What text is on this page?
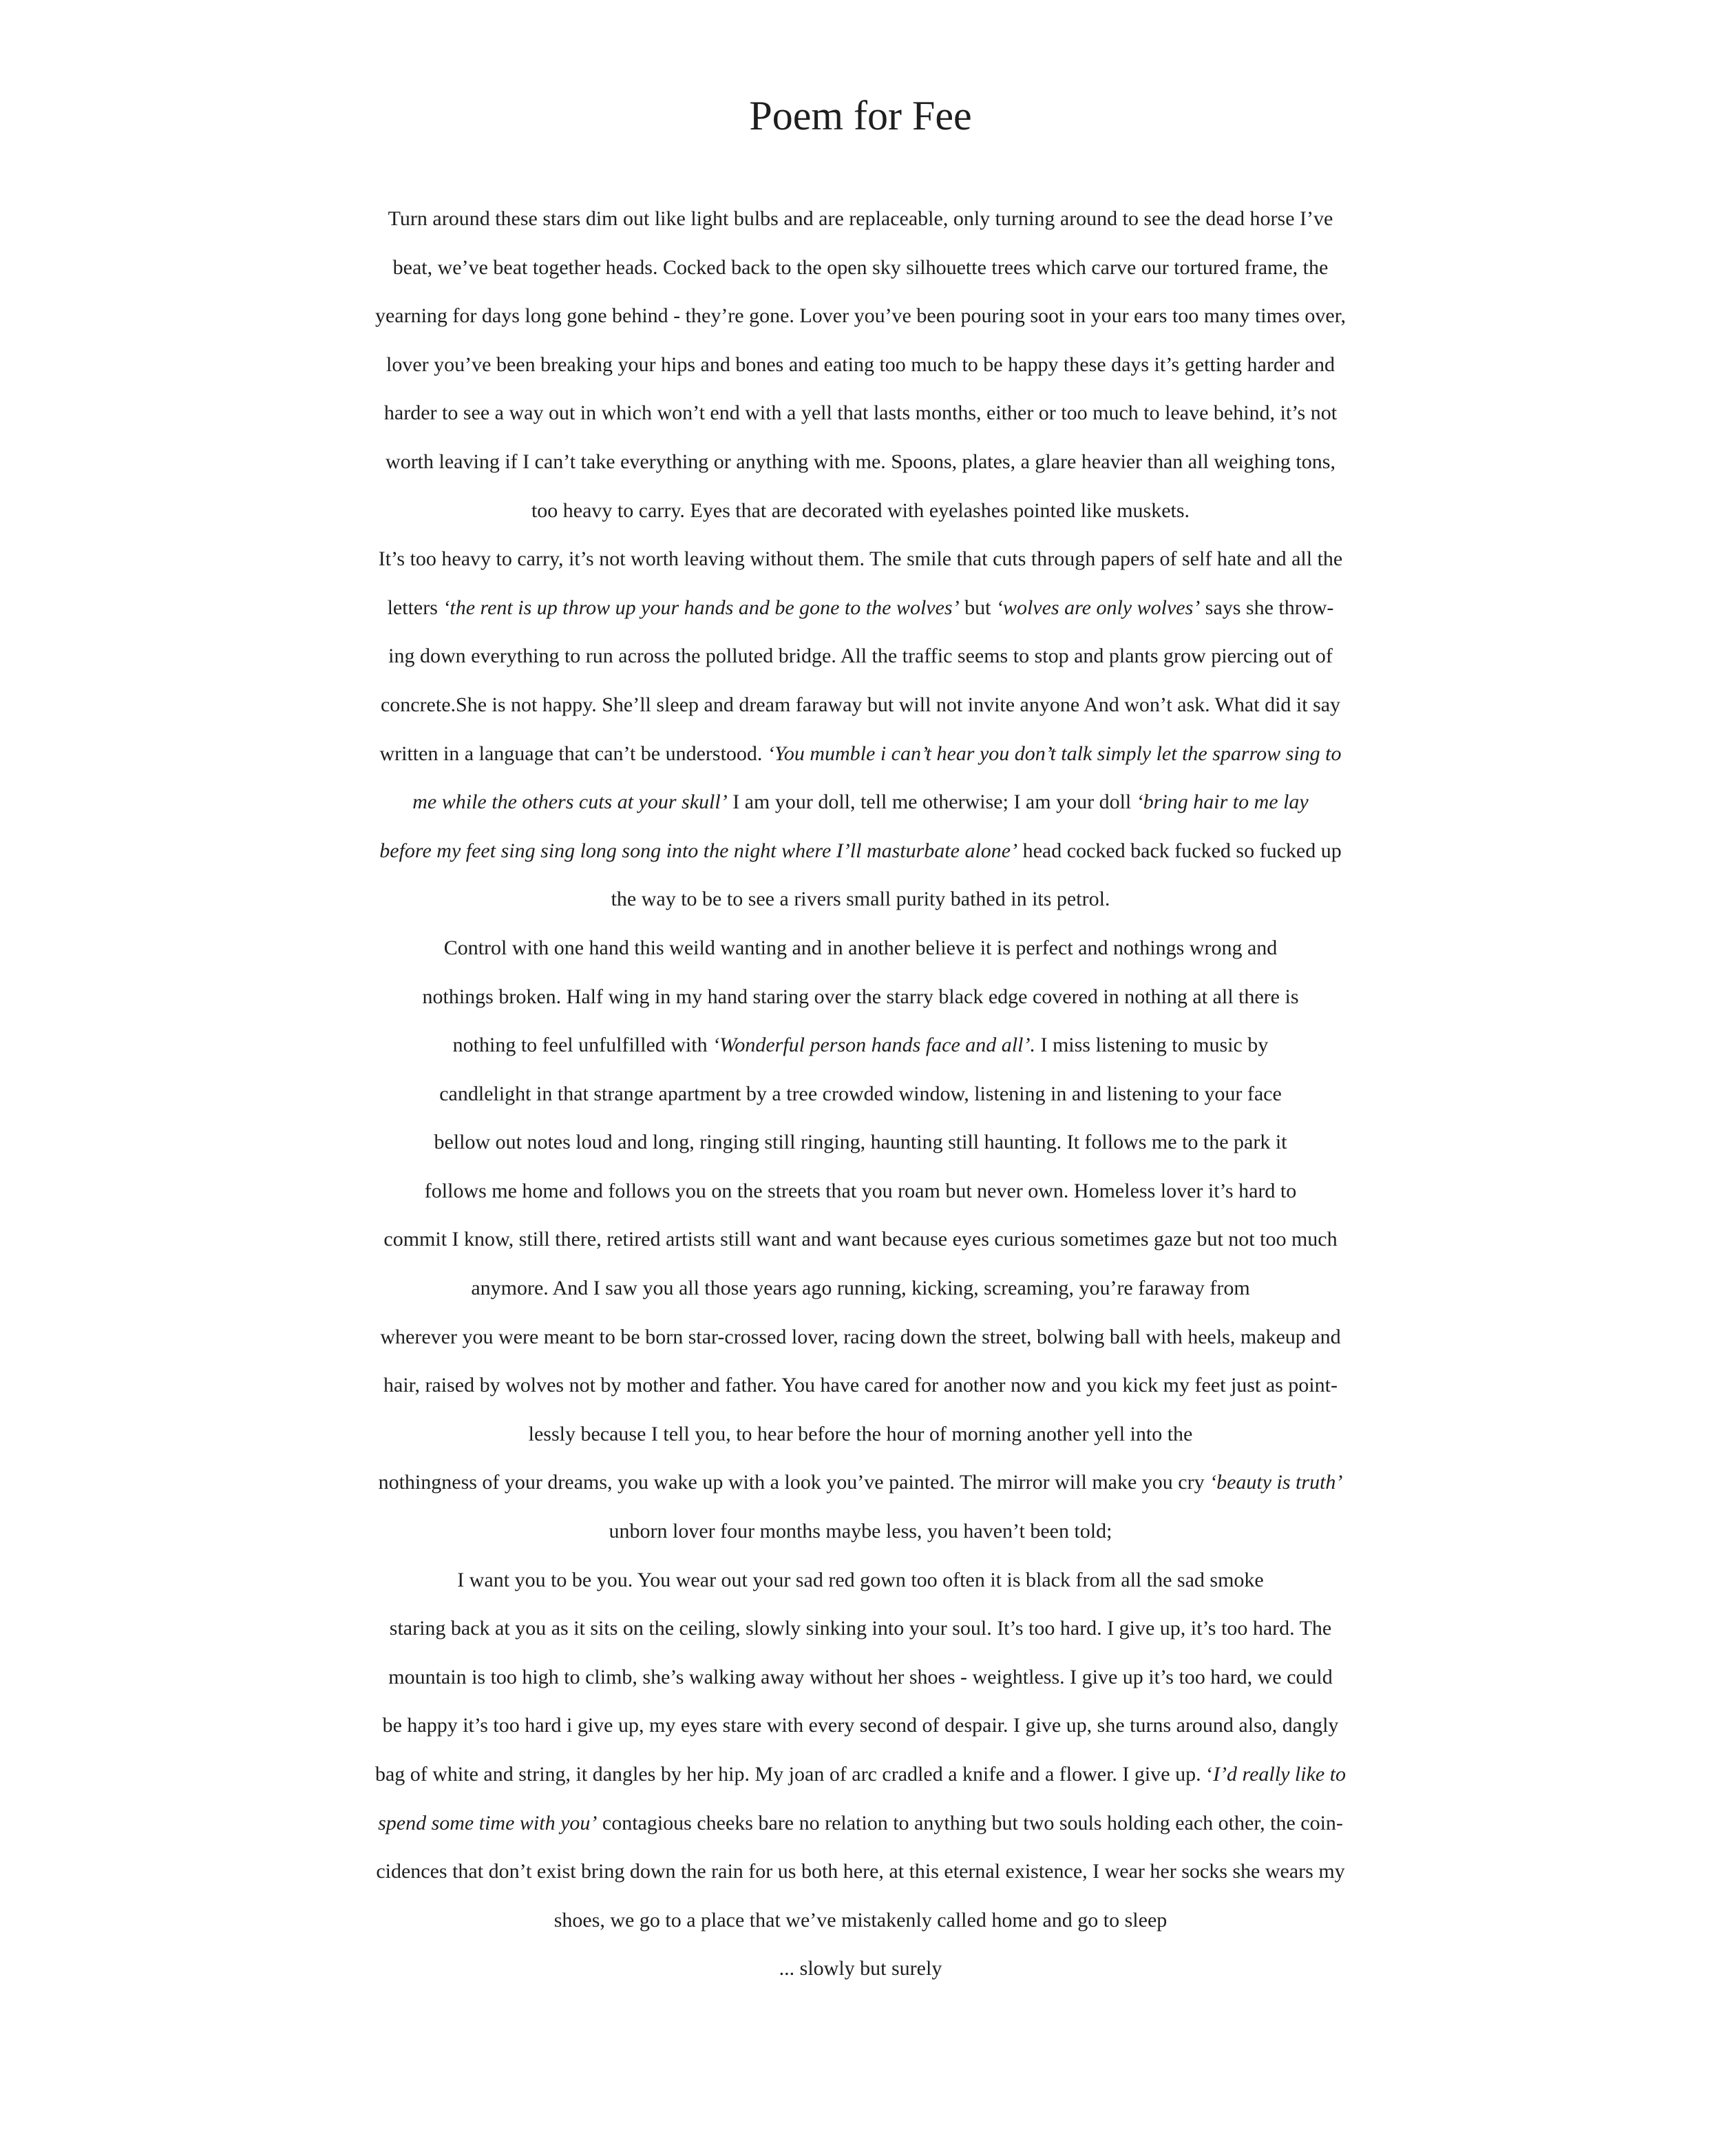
Poem for Fee
Turn around these stars dim out like light bulbs and are replaceable, only turning around to see the dead horse I’ve
beat, we’ve beat together heads. Cocked back to the open sky silhouette trees which carve our tortured frame, the
yearning for days long gone behind - they’re gone. Lover you’ve been pouring soot in your ears too many times over,
lover you’ve been breaking your hips and bones and eating too much to be happy these days it’s getting harder and
harder to see a way out in which won’t end with a yell that lasts months, either or too much to leave behind, it’s not
worth leaving if I can’t take everything or anything with me. Spoons, plates, a glare heavier than all weighing tons,
too heavy to carry. Eyes that are decorated with eyelashes pointed like muskets.
It’s too heavy to carry, it’s not worth leaving without them. The smile that cuts through papers of self hate and all the
letters ‘the rent is up throw up your hands and be gone to the wolves’ but ‘wolves are only wolves’ says she throw-
ing down everything to run across the polluted bridge. All the traffic seems to stop and plants grow piercing out of
concrete.She is not happy. She’ll sleep and dream faraway but will not invite anyone And won’t ask. What did it say
written in a language that can’t be understood. ‘You mumble i can’t hear you don’t talk simply let the sparrow sing to
me while the others cuts at your skull’ I am your doll, tell me otherwise; I am your doll ‘bring hair to me lay
before my feet sing sing long song into the night where I’ll masturbate alone’ head cocked back fucked so fucked up
the way to be to see a rivers small purity bathed in its petrol.
Control with one hand this weild wanting and in another believe it is perfect and nothings wrong and
nothings broken. Half wing in my hand staring over the starry black edge covered in nothing at all there is
nothing to feel unfulfilled with ‘Wonderful person hands face and all’. I miss listening to music by
candlelight in that strange apartment by a tree crowded window, listening in and listening to your face
bellow out notes loud and long, ringing still ringing, haunting still haunting. It follows me to the park it
follows me home and follows you on the streets that you roam but never own. Homeless lover it’s hard to
commit I know, still there, retired artists still want and want because eyes curious sometimes gaze but not too much
anymore. And I saw you all those years ago running, kicking, screaming, you’re faraway from
wherever you were meant to be born star-crossed lover, racing down the street, bolwing ball with heels, makeup and
hair, raised by wolves not by mother and father. You have cared for another now and you kick my feet just as point-
lessly because I tell you, to hear before the hour of morning another yell into the
nothingness of your dreams, you wake up with a look you’ve painted. The mirror will make you cry ‘beauty is truth’
unborn lover four months maybe less, you haven’t been told;
I want you to be you. You wear out your sad red gown too often it is black from all the sad smoke
staring back at you as it sits on the ceiling, slowly sinking into your soul. It’s too hard. I give up, it’s too hard. The
mountain is too high to climb, she’s walking away without her shoes - weightless. I give up it’s too hard, we could
be happy it’s too hard i give up, my eyes stare with every second of despair. I give up, she turns around also, dangly
bag of white and string, it dangles by her hip. My joan of arc cradled a knife and a flower. I give up. ‘I’d really like to
spend some time with you’ contagious cheeks bare no relation to anything but two souls holding each other, the coin-
cidences that don’t exist bring down the rain for us both here, at this eternal existence, I wear her socks she wears my
shoes, we go to a place that we’ve mistakenly called home and go to sleep
... slowly but surely
